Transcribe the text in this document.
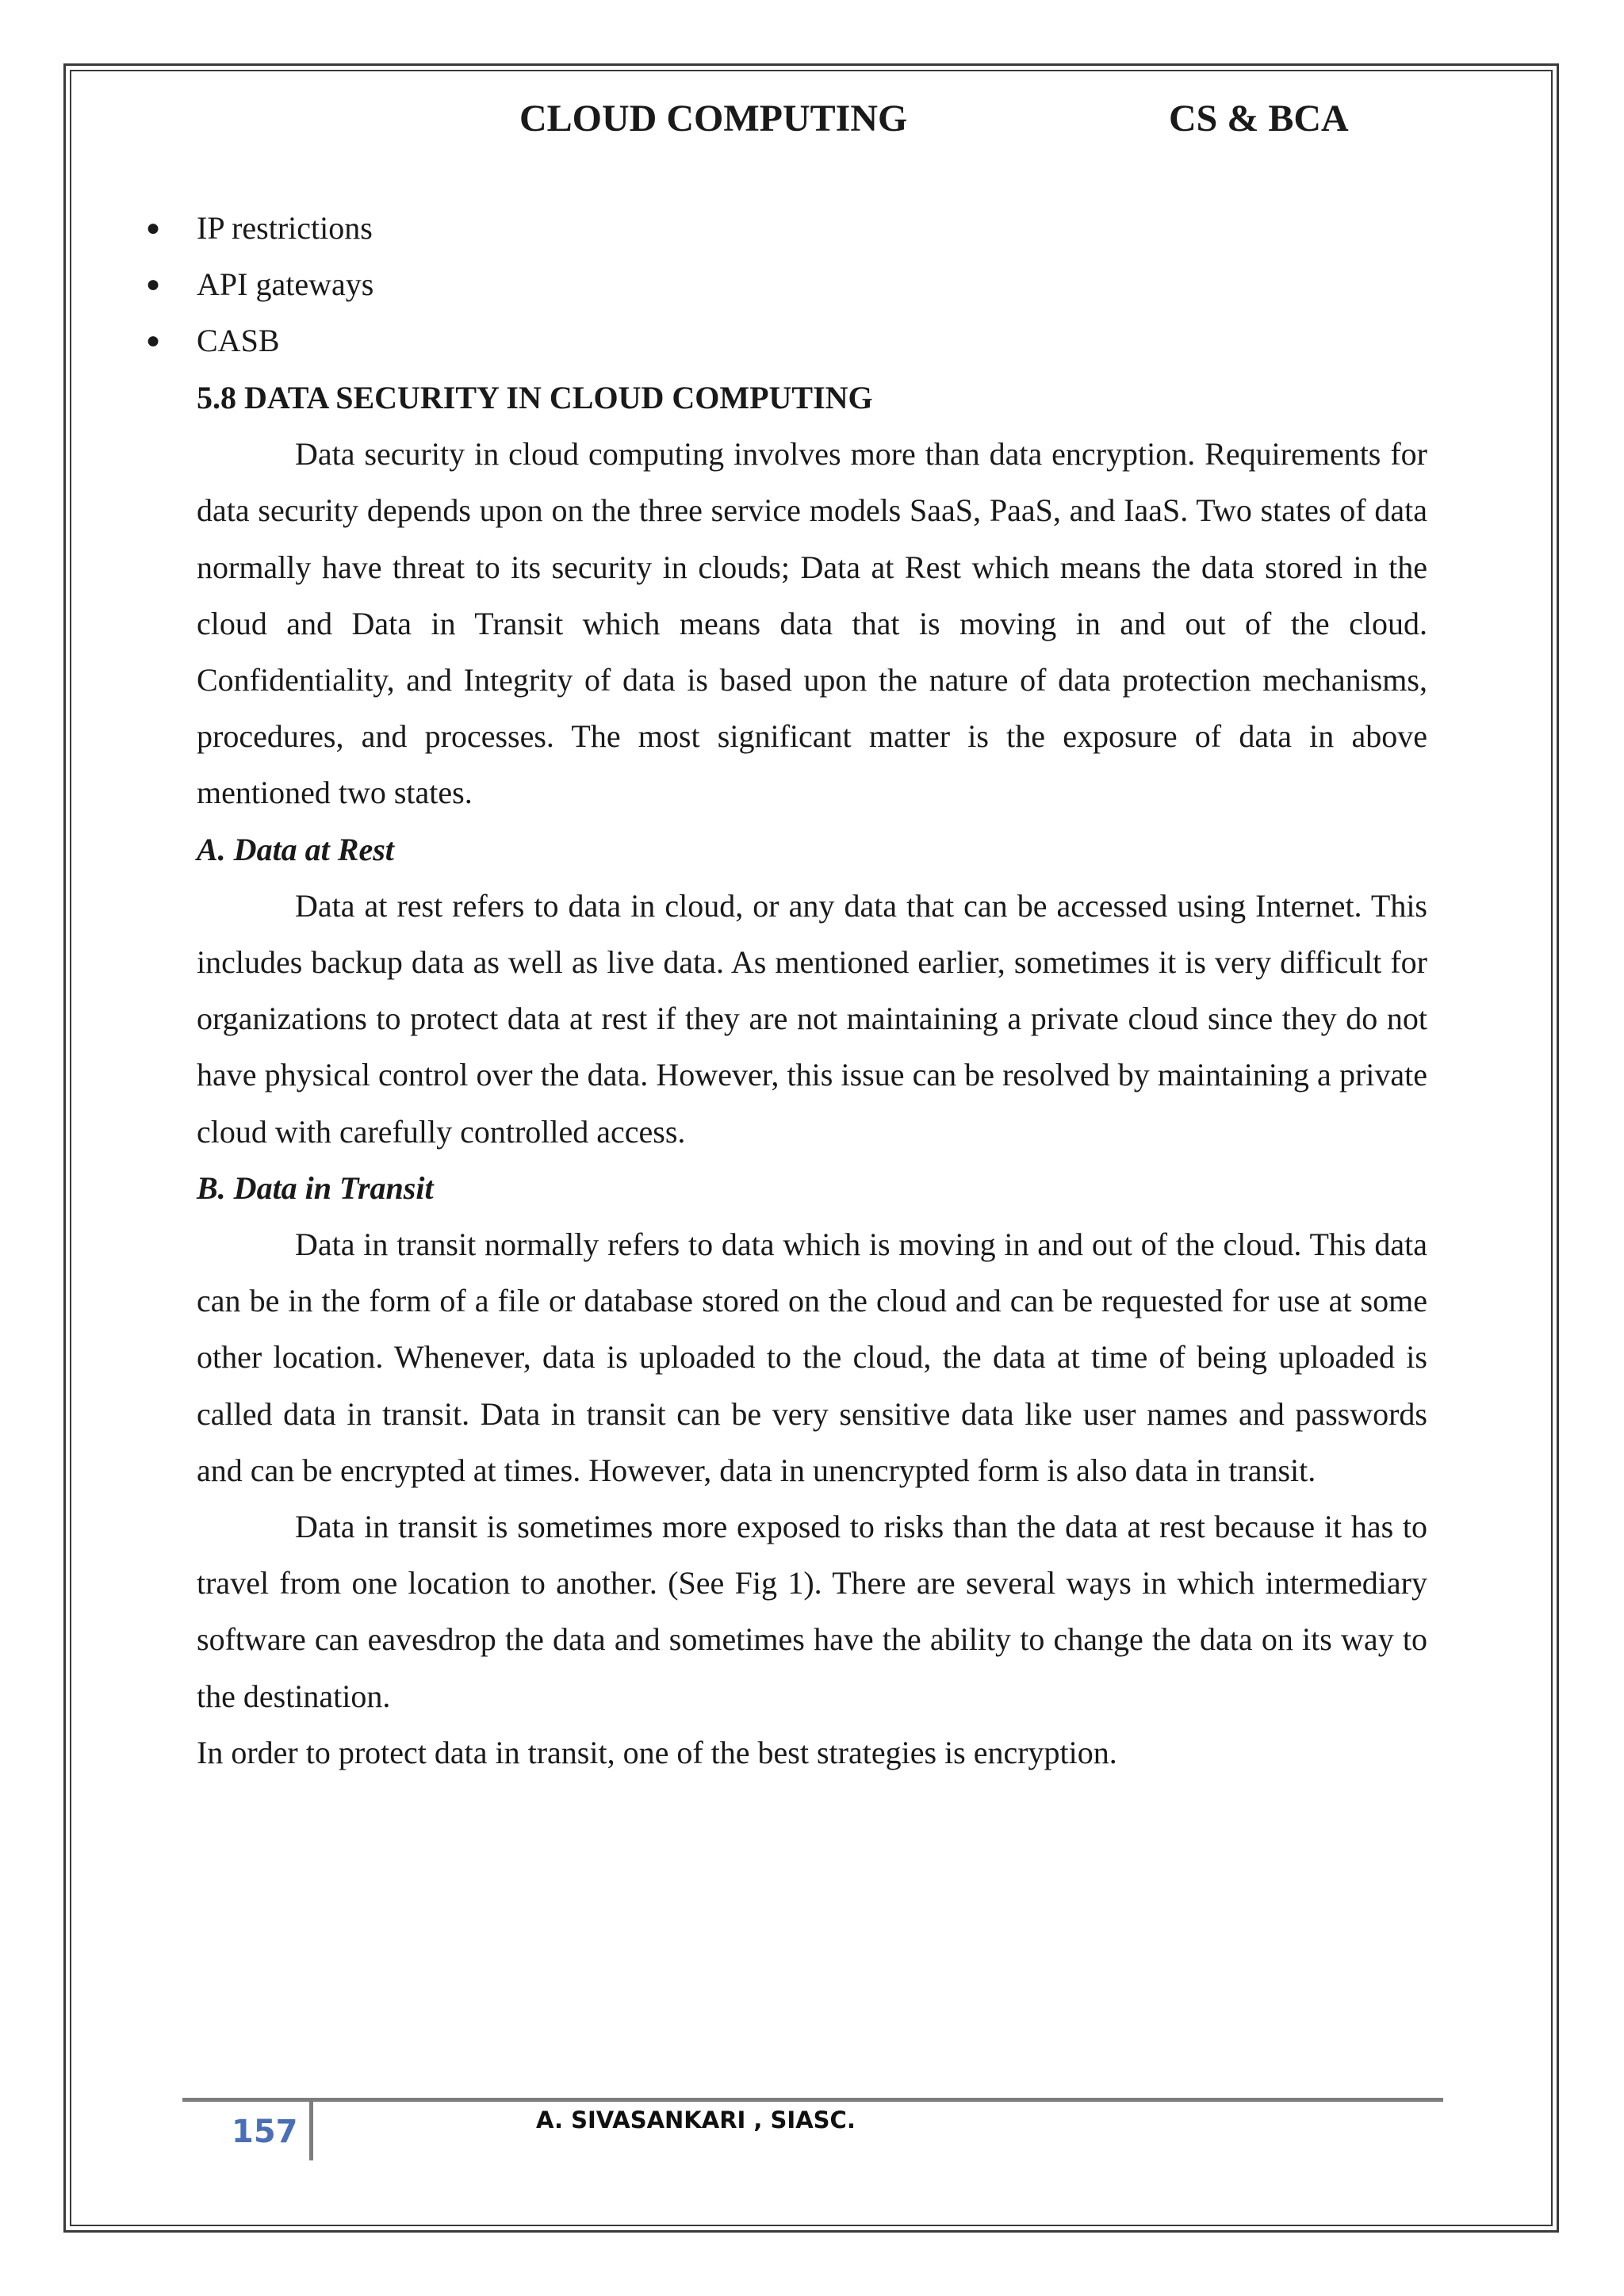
CLOUD COMPUTING	CS & BCA
● IP restrictions
● API gateways
● CASB
5.8 DATA SECURITY IN CLOUD COMPUTING

Data security in cloud computing involves more than data encryption. Requirements for data security depends upon on the three service models SaaS, PaaS, and IaaS. Two states of data normally have threat to its security in clouds; Data at Rest which means the data stored in the cloud and Data in Transit which means data that is moving in and out of the cloud. Confidentiality, and Integrity of data is based upon the nature of data protection mechanisms, procedures, and processes. The most significant matter is the exposure of data in above mentioned two states.

A. Data at Rest

Data at rest refers to data in cloud, or any data that can be accessed using Internet. This includes backup data as well as live data. As mentioned earlier, sometimes it is very difficult for organizations to protect data at rest if they are not maintaining a private cloud since they do not have physical control over the data. However, this issue can be resolved by maintaining a private cloud with carefully controlled access.

B. Data in Transit

Data in transit normally refers to data which is moving in and out of the cloud. This data can be in the form of a file or database stored on the cloud and can be requested for use at some other location. Whenever, data is uploaded to the cloud, the data at time of being uploaded is called data in transit. Data in transit can be very sensitive data like user names and passwords and can be encrypted at times. However, data in unencrypted form is also data in transit.

Data in transit is sometimes more exposed to risks than the data at rest because it has to travel from one location to another. (See Fig 1). There are several ways in which intermediary software can eavesdrop the data and sometimes have the ability to change the data on its way to the destination.

In order to protect data in transit, one of the best strategies is encryption.

157	A. SIVASANKARI , SIASC.
